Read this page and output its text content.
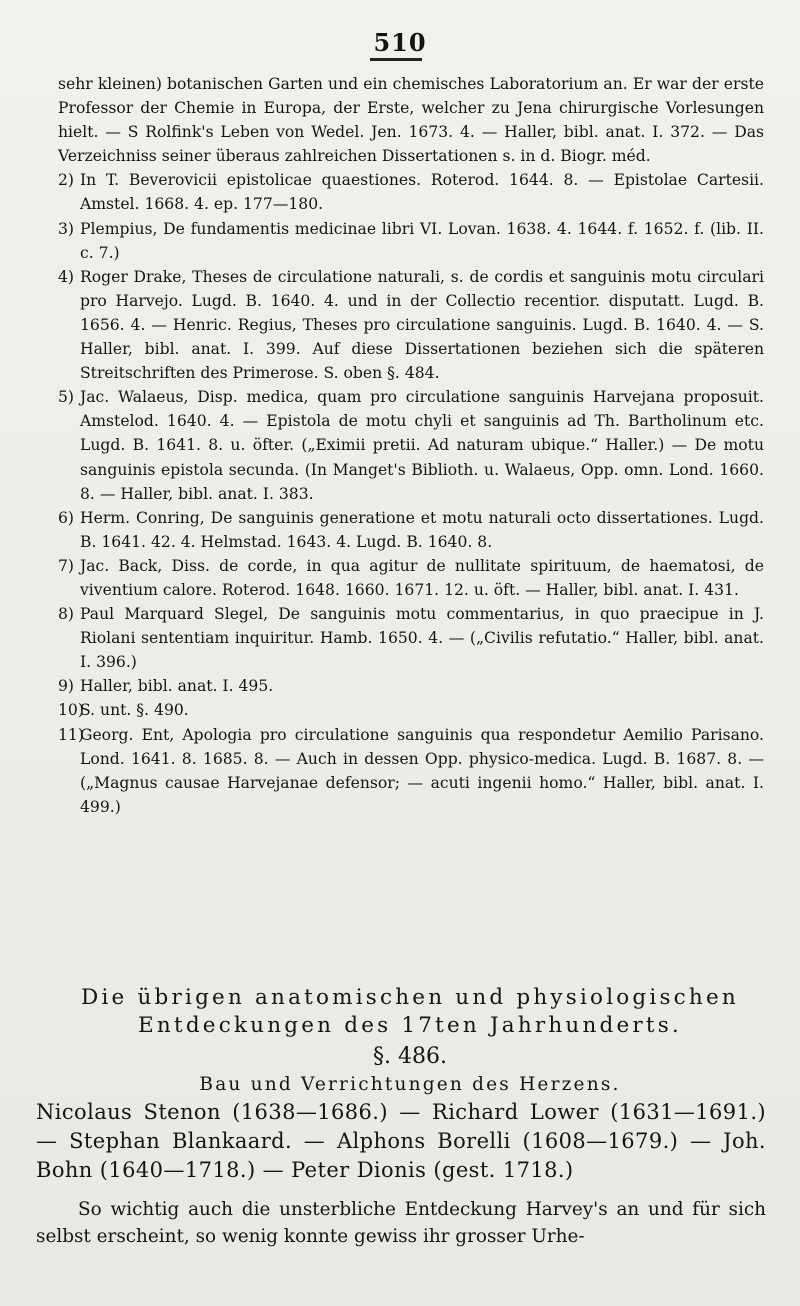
510
sehr kleinen) botanischen Garten und ein chemisches Laboratorium an. Er war der erste Professor der Chemie in Europa, der Erste, welcher zu Jena chirurgische Vorlesungen hielt. — S Rolfink's Leben von Wedel. Jen. 1673. 4. — Haller, bibl. anat. I. 372. — Das Verzeichniss seiner überaus zahlreichen Dissertationen s. in d. Biogr. méd.
2) In T. Beverovicii epistolicae quaestiones. Roterod. 1644. 8. — Epistolae Cartesii. Amstel. 1668. 4. ep. 177—180.
3) Plempius, De fundamentis medicinae libri VI. Lovan. 1638. 4. 1644. f. 1652. f. (lib. II. c. 7.)
4) Roger Drake, Theses de circulatione naturali, s. de cordis et sanguinis motu circulari pro Harvejo. Lugd. B. 1640. 4. und in der Collectio recentior. disputatt. Lugd. B. 1656. 4. — Henric. Regius, Theses pro circulatione sanguinis. Lugd. B. 1640. 4. — S. Haller, bibl. anat. I. 399. Auf diese Dissertationen beziehen sich die späteren Streitschriften des Primerose. S. oben §. 484.
5) Jac. Walaeus, Disp. medica, quam pro circulatione sanguinis Harvejana proposuit. Amstelod. 1640. 4. — Epistola de motu chyli et sanguinis ad Th. Bartholinum etc. Lugd. B. 1641. 8. u. öfter. („Eximii pretii. Ad naturam ubique.“ Haller.) — De motu sanguinis epistola secunda. (In Manget's Biblioth. u. Walaeus, Opp. omn. Lond. 1660. 8. — Haller, bibl. anat. I. 383.
6) Herm. Conring, De sanguinis generatione et motu naturali octo dissertationes. Lugd. B. 1641. 42. 4. Helmstad. 1643. 4. Lugd. B. 1640. 8.
7) Jac. Back, Diss. de corde, in qua agitur de nullitate spirituum, de haematosi, de viventium calore. Roterod. 1648. 1660. 1671. 12. u. öft. — Haller, bibl. anat. I. 431.
8) Paul Marquard Slegel, De sanguinis motu commentarius, in quo praecipue in J. Riolani sententiam inquiritur. Hamb. 1650. 4. — („Civilis refutatio.“ Haller, bibl. anat. I. 396.)
9) Haller, bibl. anat. I. 495.
10)S. unt. §. 490.
11)Georg. Ent, Apologia pro circulatione sanguinis qua respondetur Aemilio Parisano. Lond. 1641. 8. 1685. 8. — Auch in dessen Opp. physico-medica. Lugd. B. 1687. 8. — („Magnus causae Harvejanae defensor; — acuti ingenii homo.“ Haller, bibl. anat. I. 499.)
Die übrigen anatomischen und physiologischen
Entdeckungen des 17ten Jahrhunderts.
§. 486.
Bau und Verrichtungen des Herzens.
Nicolaus Stenon (1638—1686.) — Richard Lower (1631—1691.) — Stephan Blankaard. — Alphons Borelli (1608—1679.) — Joh. Bohn (1640—1718.) — Peter Dionis (gest. 1718.)
So wichtig auch die unsterbliche Entdeckung Harvey's an und für sich selbst erscheint, so wenig konnte gewiss ihr grosser Urhe-
